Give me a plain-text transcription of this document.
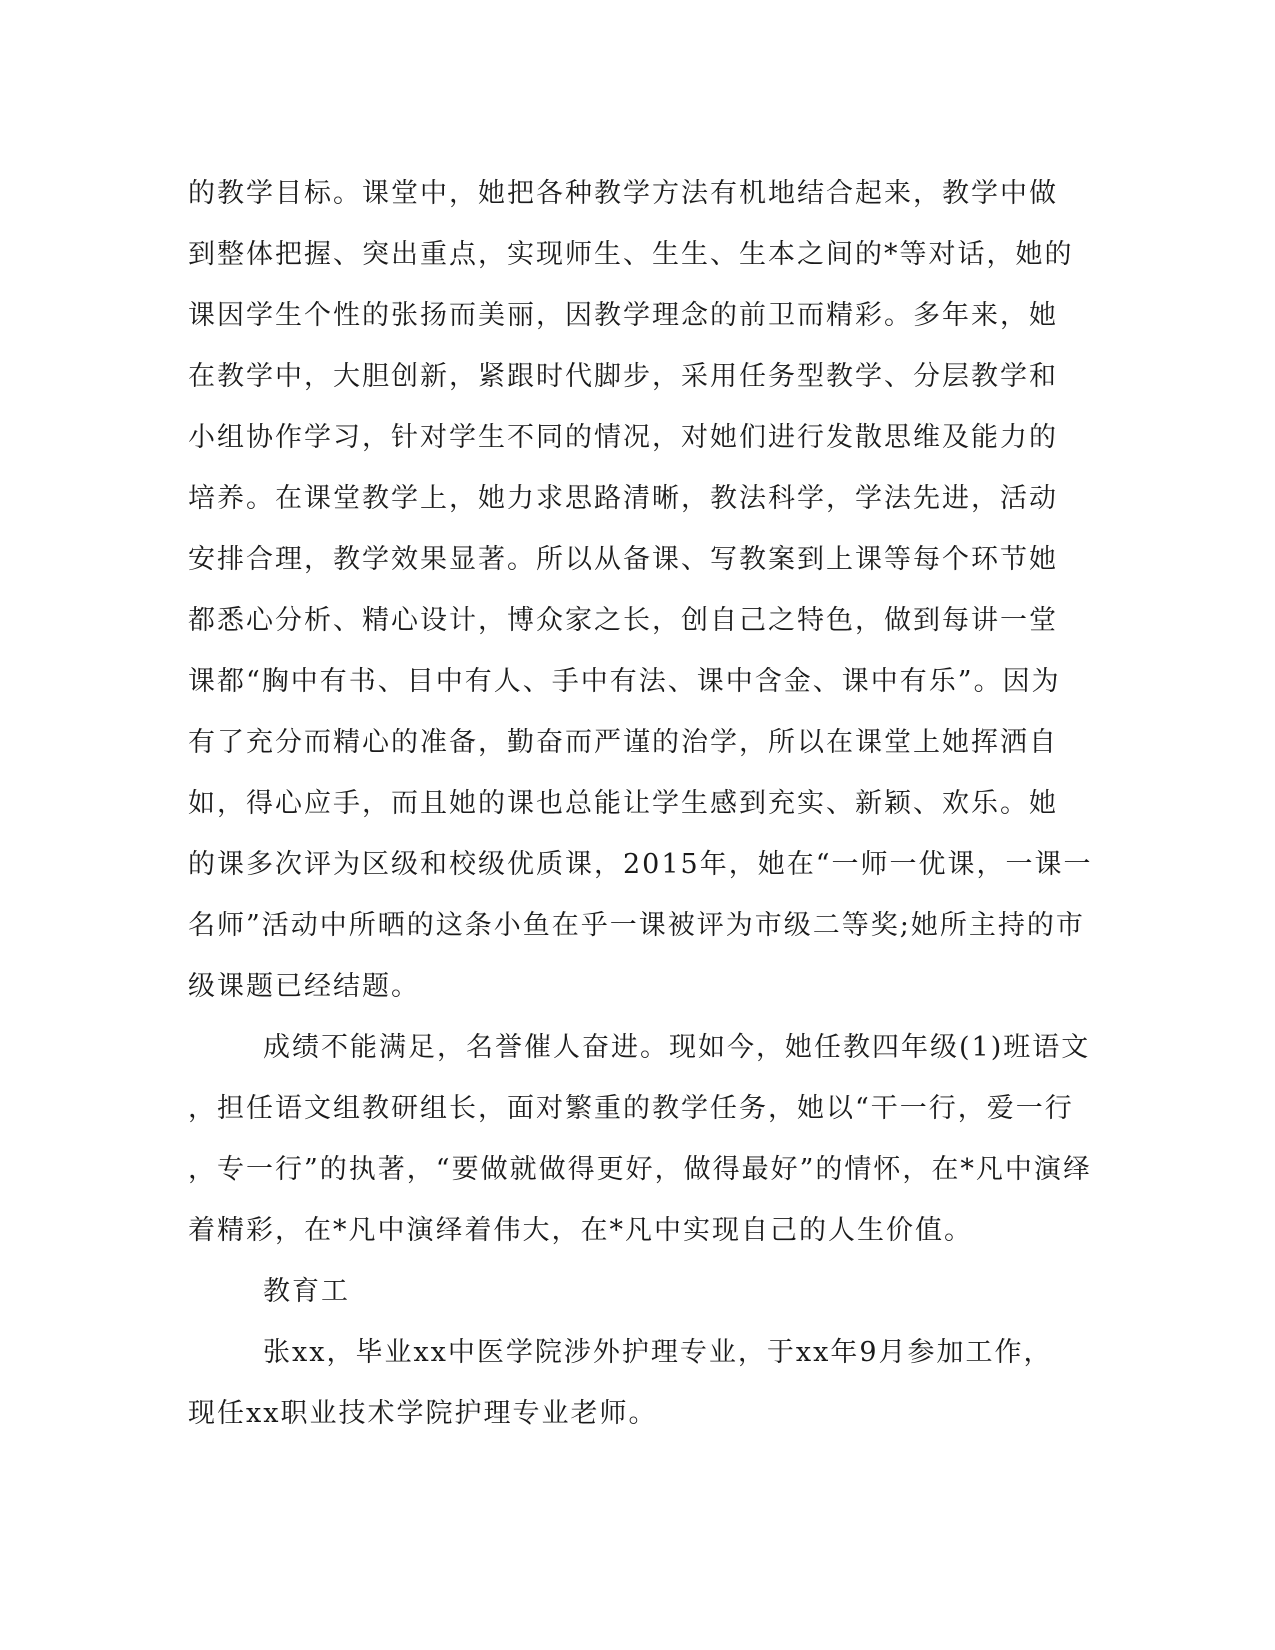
的教学目标。课堂中，她把各种教学方法有机地结合起来，教学中做
到整体把握、突出重点，实现师生、生生、生本之间的*等对话，她的
课因学生个性的张扬而美丽，因教学理念的前卫而精彩。多年来，她
在教学中，大胆创新，紧跟时代脚步，采用任务型教学、分层教学和
小组协作学习，针对学生不同的情况，对她们进行发散思维及能力的
培养。在课堂教学上，她力求思路清晰，教法科学，学法先进，活动
安排合理，教学效果显著。所以从备课、写教案到上课等每个环节她
都悉心分析、精心设计，博众家之长，创自己之特色，做到每讲一堂
课都“胸中有书、目中有人、手中有法、课中含金、课中有乐”。因为
有了充分而精心的准备，勤奋而严谨的治学，所以在课堂上她挥洒自
如，得心应手，而且她的课也总能让学生感到充实、新颖、欢乐。她
的课多次评为区级和校级优质课，2015年，她在“一师一优课，一课一
名师”活动中所晒的这条小鱼在乎一课被评为市级二等奖;她所主持的市
级课题已经结题。
成绩不能满足，名誉催人奋进。现如今，她任教四年级(1)班语文
，担任语文组教研组长，面对繁重的教学任务，她以“干一行，爱一行
，专一行”的执著，“要做就做得更好，做得最好”的情怀，在*凡中演绎
着精彩，在*凡中演绎着伟大，在*凡中实现自己的人生价值。
教育工
张xx，毕业xx中医学院涉外护理专业，于xx年9月参加工作，
现任xx职业技术学院护理专业老师。
